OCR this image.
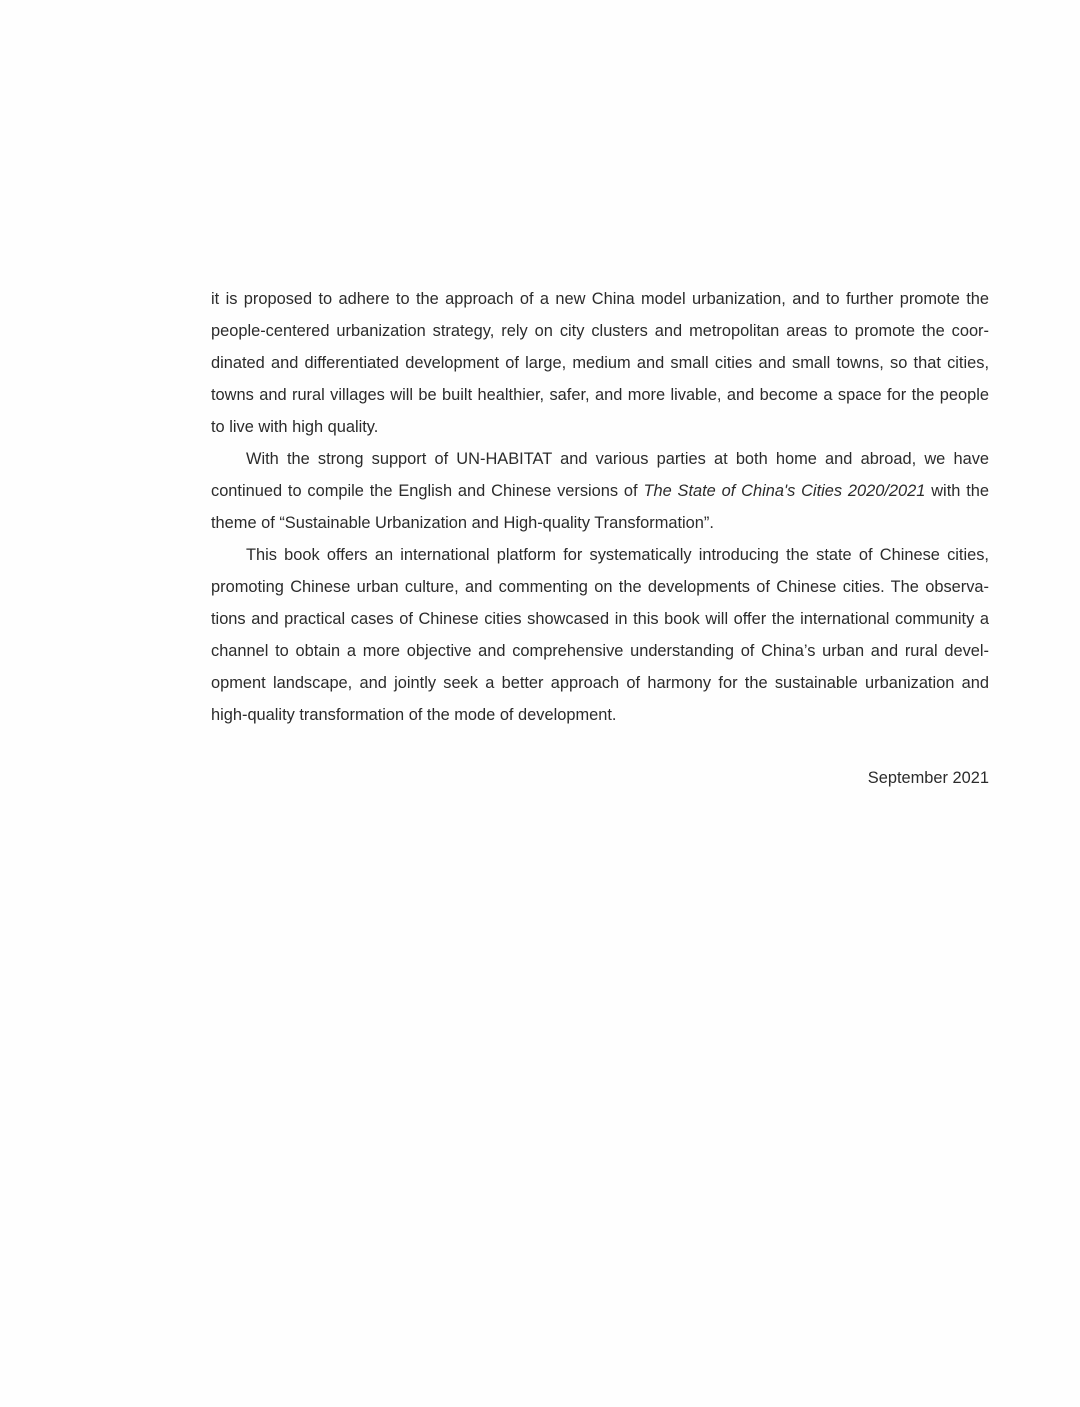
it is proposed to adhere to the approach of a new China model urbanization, and to further promote the people-centered urbanization strategy, rely on city clusters and metropolitan areas to promote the coordinated and differentiated development of large, medium and small cities and small towns, so that cities, towns and rural villages will be built healthier, safer, and more livable, and become a space for the people to live with high quality.

With the strong support of UN-HABITAT and various parties at both home and abroad, we have continued to compile the English and Chinese versions of The State of China's Cities 2020/2021 with the theme of “Sustainable Urbanization and High-quality Transformation”.

This book offers an international platform for systematically introducing the state of Chinese cities, promoting Chinese urban culture, and commenting on the developments of Chinese cities. The observations and practical cases of Chinese cities showcased in this book will offer the international community a channel to obtain a more objective and comprehensive understanding of China’s urban and rural development landscape, and jointly seek a better approach of harmony for the sustainable urbanization and high-quality transformation of the mode of development.

September 2021
